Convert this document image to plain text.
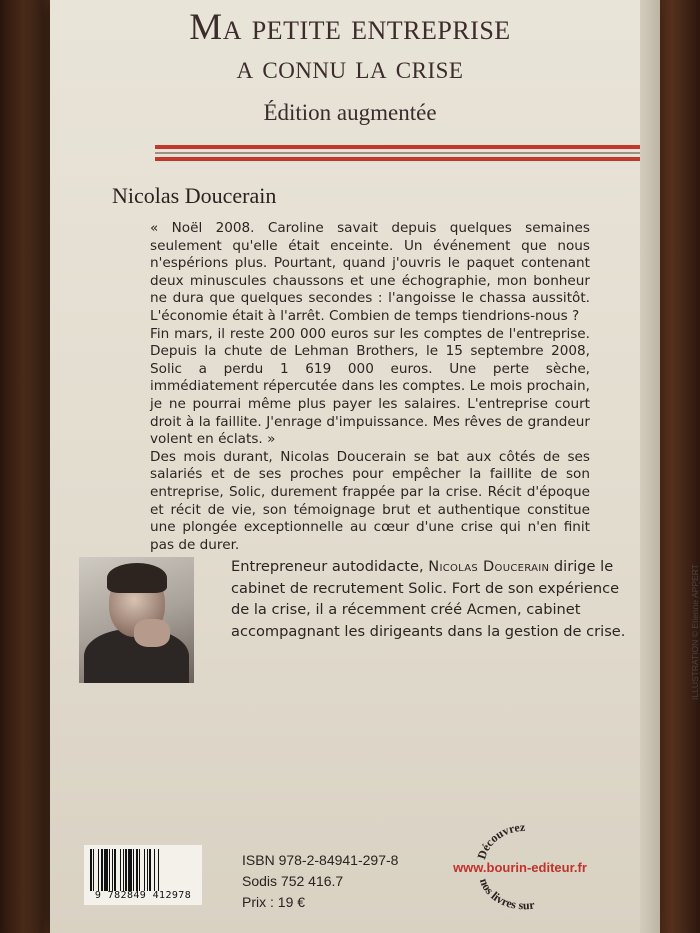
Ma petite entreprise
a connu la crise
Édition augmentée
Nicolas Doucerain

« Noël 2008. Caroline savait depuis quelques semaines seulement qu'elle était enceinte. Un événement que nous n'espérions plus. Pourtant, quand j'ouvris le paquet contenant deux minuscules chaussons et une échographie, mon bonheur ne dura que quelques secondes : l'angoisse le chassa aussitôt. L'économie était à l'arrêt. Combien de temps tiendrions-nous ?

Fin mars, il reste 200 000 euros sur les comptes de l'entreprise. Depuis la chute de Lehman Brothers, le 15 septembre 2008, Solic a perdu 1 619 000 euros. Une perte sèche, immédiatement répercutée dans les comptes. Le mois prochain, je ne pourrai même plus payer les salaires. L'entreprise court droit à la faillite. J'enrage d'impuissance. Mes rêves de grandeur volent en éclats. »

Des mois durant, Nicolas Doucerain se bat aux côtés de ses salariés et de ses proches pour empêcher la faillite de son entreprise, Solic, durement frappée par la crise. Récit d'époque et récit de vie, son témoignage brut et authentique constitue une plongée exceptionnelle au cœur d'une crise qui n'en finit pas de durer.

ILLUSTRATION © Etienne APPERT
Entrepreneur autodidacte, Nicolas Doucerain dirige le cabinet de recrutement Solic. Fort de son expérience de la crise, il a récemment créé Acmen, cabinet accompagnant les dirigeants dans la gestion de crise.
9 782849 412978
ISBN 978-2-84941-297-8
Sodis 752 416.7
Prix : 19 €
Découvrez
nos livres sur
www.bourin-editeur.fr
